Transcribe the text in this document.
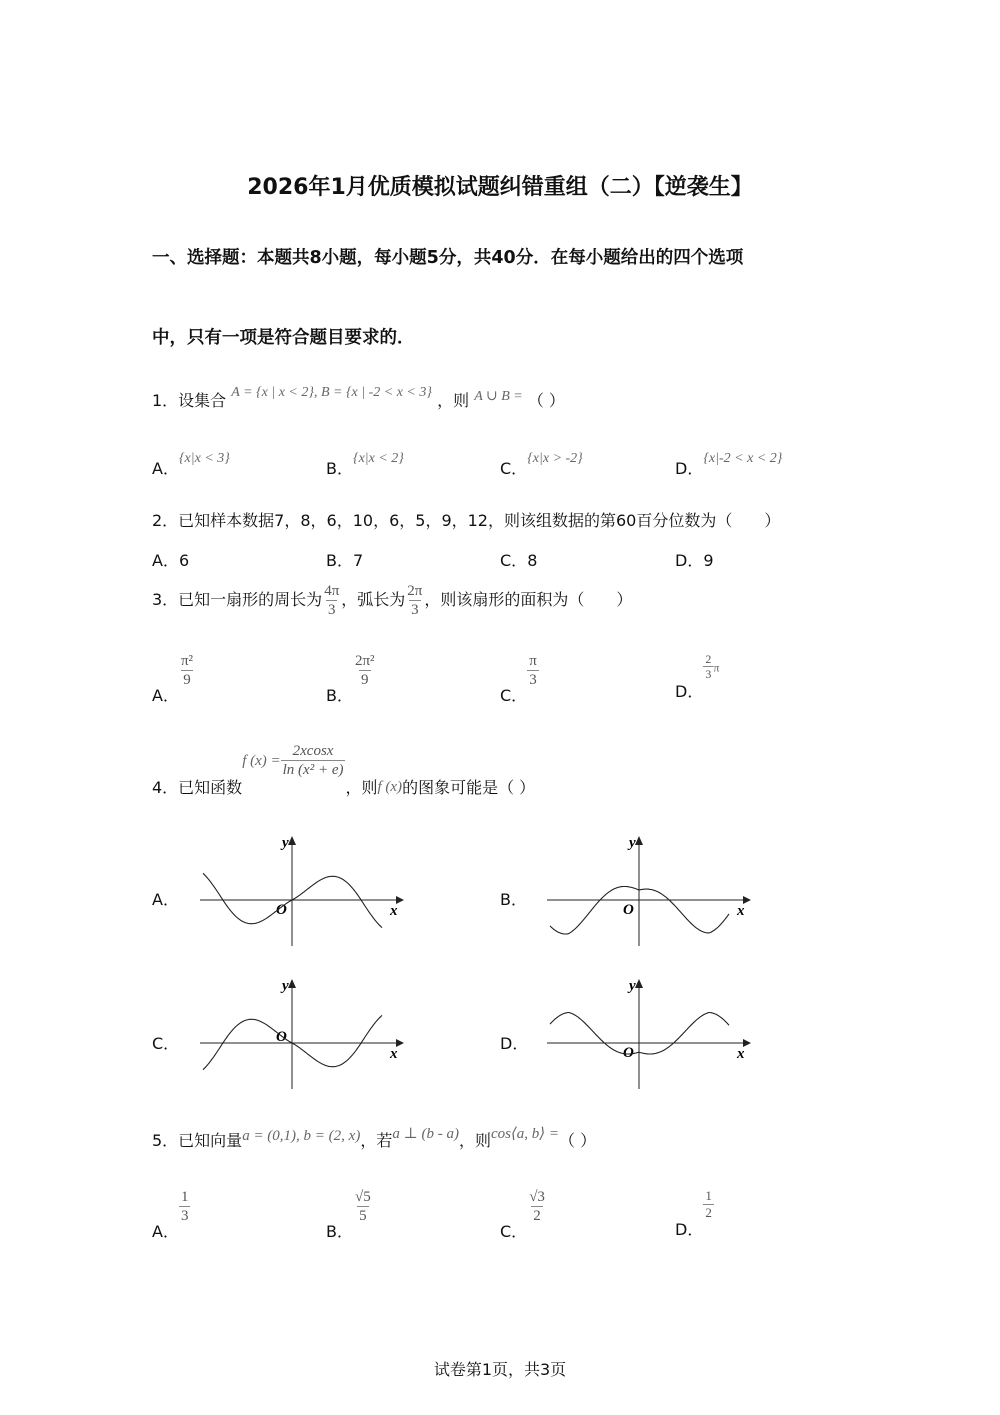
2026年1月优质模拟试题纠错重组（二）【逆袭生】
一、选择题：本题共8小题，每小题5分，共40分．在每小题给出的四个选项
中，只有一项是符合题目要求的．
1．设集合 A = {x | x < 2}, B = {x | -2 < x < 3} ，则 A ∪ B = （ ）
A．{x|x < 3}
B．{x|x < 2}
C．{x|x > -2}
D．{x|-2 < x < 2}
2．已知样本数据7，8，6，10，6，5，9，12，则该组数据的第60百分位数为（　　）
A．6	B．7	C．8	D．9
3．已知一扇形的周长为 $\frac{4\pi}{3}$ ，弧长为 $\frac{2\pi}{3}$ ，则该扇形的面积为（　　）
A．
$\frac{\text{π²}}{9}$
B．
$\frac{\text{2π²}}{9}$
C．
$\frac{\pi}{3}$
D．
$\frac{2}{3}$ π
4．已知函数f $(x) = \frac{2xcosx}{\text{ln (x² + e)}}$
，则f (x)的图象可能是（ ）
A．	B．
C．	D．
x
y
O	x
y
O
x
y
O
x
y
O
5．已知向量a = (0,1), b = (2, x)，若a ⊥ (b - a)，则cos⟨a, b⟩ =（ ）
A．
$\frac{1}{3}$
B．
$\frac{√5}{5}$
C．
$\frac{√3}{2}$
D．
$\frac{1}{2}$
试卷第1页，共3页
